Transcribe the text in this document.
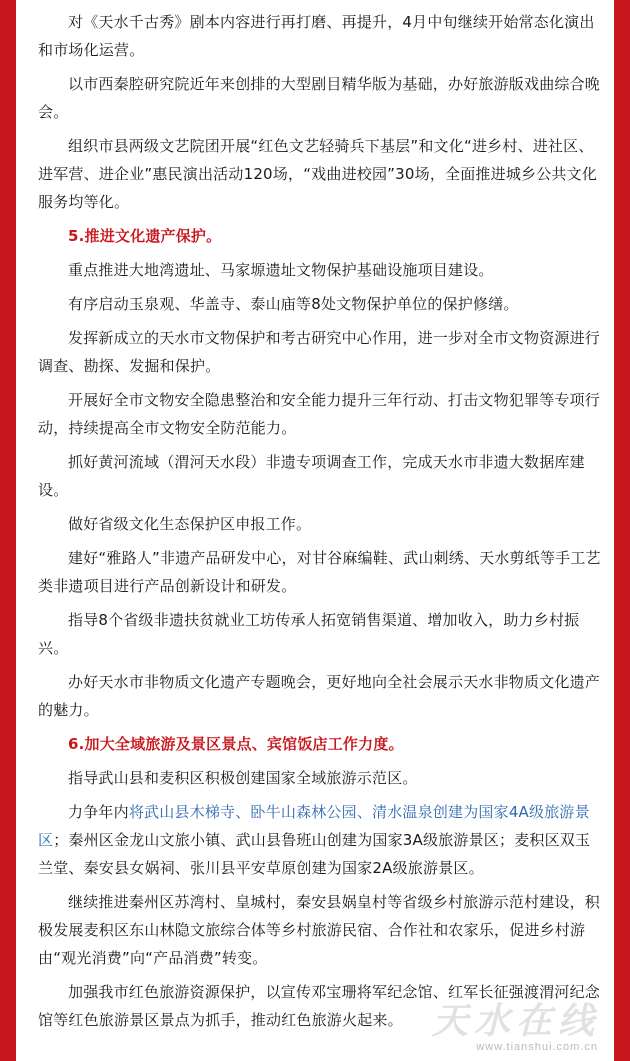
对《天水千古秀》剧本内容进行再打磨、再提升，4月中旬继续开始常态化演出和市场化运营。

以市西秦腔研究院近年来创排的大型剧目精华版为基础，办好旅游版戏曲综合晚会。

组织市县两级文艺院团开展“红色文艺轻骑兵下基层”和文化“进乡村、进社区、进军营、进企业”惠民演出活动120场，“戏曲进校园”30场，全面推进城乡公共文化服务均等化。

5.推进文化遗产保护。

重点推进大地湾遗址、马家塬遗址文物保护基础设施项目建设。

有序启动玉泉观、华盖寺、泰山庙等8处文物保护单位的保护修缮。

发挥新成立的天水市文物保护和考古研究中心作用，进一步对全市文物资源进行调查、勘探、发掘和保护。

开展好全市文物安全隐患整治和安全能力提升三年行动、打击文物犯罪等专项行动，持续提高全市文物安全防范能力。

抓好黄河流域（渭河天水段）非遗专项调查工作，完成天水市非遗大数据库建设。

做好省级文化生态保护区申报工作。

建好“雅路人”非遗产品研发中心，对甘谷麻编鞋、武山刺绣、天水剪纸等手工艺类非遗项目进行产品创新设计和研发。

指导8个省级非遗扶贫就业工坊传承人拓宽销售渠道、增加收入，助力乡村振兴。

办好天水市非物质文化遗产专题晚会，更好地向全社会展示天水非物质文化遗产的魅力。

6.加大全域旅游及景区景点、宾馆饭店工作力度。

指导武山县和麦积区积极创建国家全域旅游示范区。

力争年内将武山县木梯寺、卧牛山森林公园、清水温泉创建为国家4A级旅游景区；秦州区金龙山文旅小镇、武山县鲁班山创建为国家3A级旅游景区；麦积区双玉兰堂、秦安县女娲祠、张川县平安草原创建为国家2A级旅游景区。

继续推进秦州区苏湾村、皇城村，秦安县娲皇村等省级乡村旅游示范村建设，积极发展麦积区东山林隐文旅综合体等乡村旅游民宿、合作社和农家乐，促进乡村游由“观光消费”向“产品消费”转变。

加强我市红色旅游资源保护，以宣传邓宝珊将军纪念馆、红军长征强渡渭河纪念馆等红色旅游景区景点为抓手，推动红色旅游火起来。 天水在线
www.tianshui.com.cn
